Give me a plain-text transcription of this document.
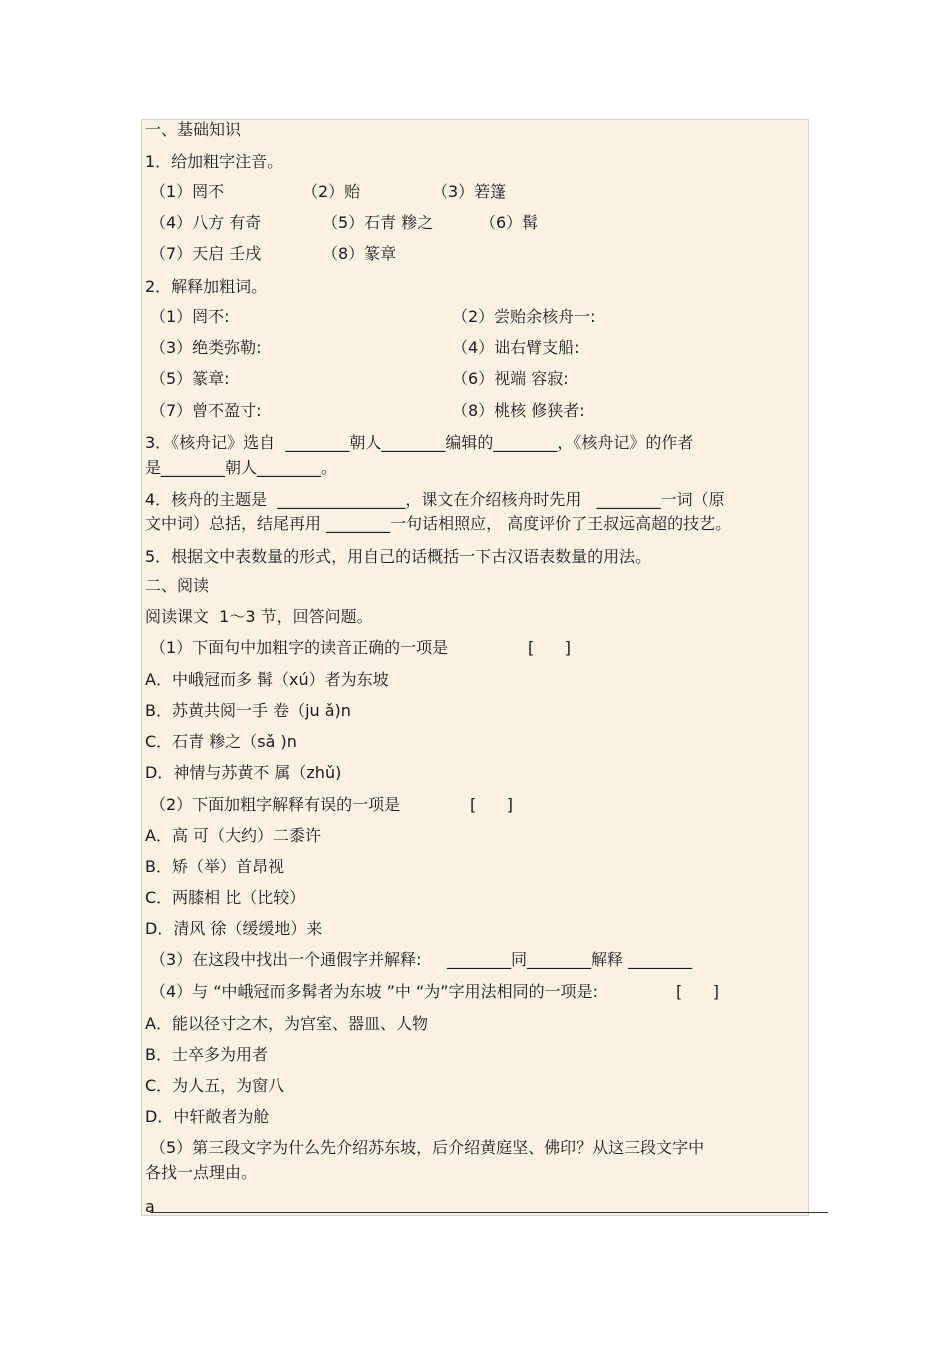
一、基础知识
1．给加粗字注音。
（1）罔不	（2）贻	（3）箬篷
（4）八方 有奇	（5）石青 糁之	（6）髯
（7）天启 壬戌	（8）篆章
2．解释加粗词。
（1）罔不:	（2）尝贻余核舟一:
（3）绝类弥勒:	（4）诎右臂支船:
（5）篆章:	（6）视端 容寂:
（7）曾不盈寸:	（8）桃核 修狭者:
3．《核舟记》选自  ________朝人________编辑的________，《核舟记》的作者
是________朝人________。
4．核舟的主题是  ________________，课文在介绍核舟时先用   ________一词（原
文中词）总括，结尾再用 ________一句话相照应， 高度评价了王叔远高超的技艺。
5．根据文中表数量的形式，用自己的话概括一下古汉语表数量的用法。
二、阅读
阅读课文  1～3 节，回答问题。
（1）下面句中加粗字的读音正确的一项是	[      ]
A．中峨冠而多 髯（xú）者为东坡
B．苏黄共阅一手 卷（ju ǎ)n
C．石青 糁之（sǎ )n
D．神情与苏黄不 属（zhǔ)
（2）下面加粗字解释有误的一项是	[      ]
A．高 可（大约）二黍许
B．矫（举）首昂视
C．两膝相 比（比较）
D．清风 徐（缓缓地）来
（3）在这段中找出一个通假字并解释:     ________同________解释 ________
（4）与 “中峨冠而多髯者为东坡 ”中 “为”字用法相同的一项是:	[      ]
A．能以径寸之木，为宫室、器皿、人物
B．士卒多为用者
C．为人五，为窗八
D．中轩敞者为舱
（5）第三段文字为什么先介绍苏东坡，后介绍黄庭坚、佛印？从这三段文字中
各找一点理由。
a
